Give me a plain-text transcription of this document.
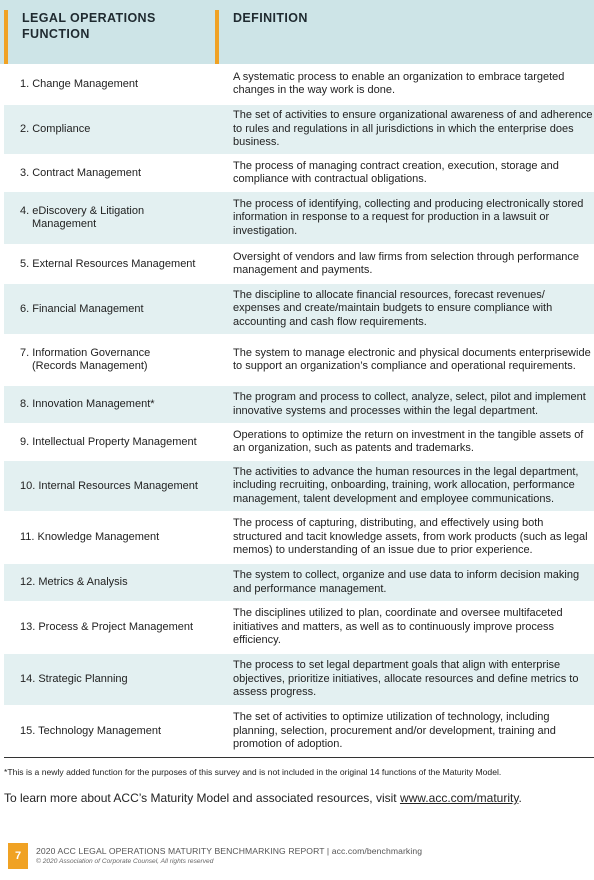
LEGAL OPERATIONS
FUNCTION
DEFINITION
1. Change Management
A systematic process to enable an organization to embrace targeted changes in the way work is done.
2. Compliance
The set of activities to ensure organizational awareness of and adherence to rules and regulations in all jurisdictions in which the enterprise does business.
3. Contract Management
The process of managing contract creation, execution, storage and compliance with contractual obligations.
4. eDiscovery & Litigation
Management
The process of identifying, collecting and producing electronically stored information in response to a request for production in a lawsuit or investigation.
5. External Resources Management
Oversight of vendors and law firms from selection through performance management and payments.
6. Financial Management
The discipline to allocate financial resources, forecast revenues/ expenses and create/maintain budgets to ensure compliance with accounting and cash flow requirements.
7. Information Governance
(Records Management)
The system to manage electronic and physical documents enterprisewide to support an organization’s compliance and operational requirements.
8. Innovation Management*
The program and process to collect, analyze, select, pilot and implement innovative systems and processes within the legal department.
9. Intellectual Property Management
Operations to optimize the return on investment in the tangible assets of an organization, such as patents and trademarks.
10. Internal Resources Management
The activities to advance the human resources in the legal department, including recruiting, onboarding, training, work allocation, performance management, talent development and employee communications.
11. Knowledge Management
The process of capturing, distributing, and effectively using both structured and tacit knowledge assets, from work products (such as legal memos) to understanding of an issue due to prior experience.
12. Metrics & Analysis
The system to collect, organize and use data to inform decision making and performance management.
13. Process & Project Management
The disciplines utilized to plan, coordinate and oversee multifaceted initiatives and matters, as well as to continuously improve process efficiency.
14. Strategic Planning
The process to set legal department goals that align with enterprise objectives, prioritize initiatives, allocate resources and define metrics to assess progress.
15. Technology Management
The set of activities to optimize utilization of technology, including planning, selection, procurement and/or development, training and promotion of adoption.
*This is a newly added function for the purposes of this survey and is not included in the original 14 functions of the Maturity Model.
To learn more about ACC’s Maturity Model and associated resources, visit www.acc.com/maturity.
7	2020 ACC LEGAL OPERATIONS MATURITY BENCHMARKING REPORT | acc.com/benchmarking
© 2020 Association of Corporate Counsel, All rights reserved
